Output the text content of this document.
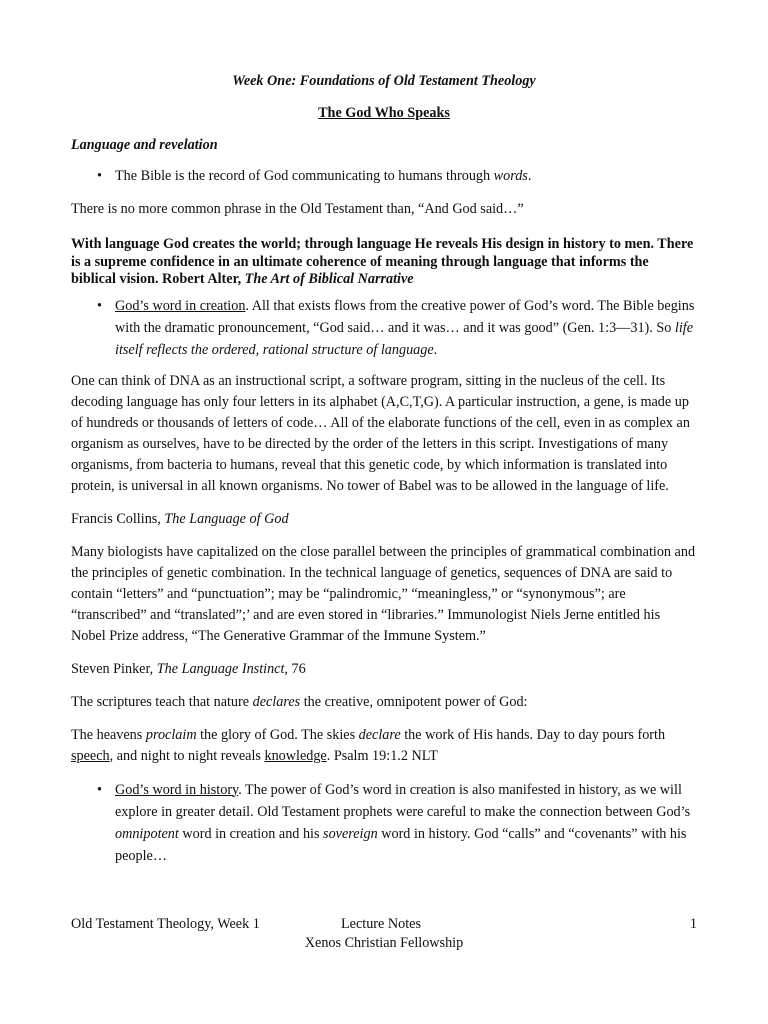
Week One: Foundations of Old Testament Theology

The God Who Speaks

Language and revelation

• The Bible is the record of God communicating to humans through words.

There is no more common phrase in the Old Testament than, “And God said…”

With language God creates the world; through language He reveals His design in history to men. There is a supreme confidence in an ultimate coherence of meaning through language that informs the biblical vision. Robert Alter, The Art of Biblical Narrative

• God’s word in creation. All that exists flows from the creative power of God’s word. The Bible begins with the dramatic pronouncement, “God said… and it was… and it was good” (Gen. 1:3—31). So life itself reflects the ordered, rational structure of language.

One can think of DNA as an instructional script, a software program, sitting in the nucleus of the cell. Its decoding language has only four letters in its alphabet (A,C,T,G). A particular instruction, a gene, is made up of hundreds or thousands of letters of code… All of the elaborate functions of the cell, even in as complex an organism as ourselves, have to be directed by the order of the letters in this script. Investigations of many organisms, from bacteria to humans, reveal that this genetic code, by which information is translated into protein, is universal in all known organisms. No tower of Babel was to be allowed in the language of life.

Francis Collins, The Language of God

Many biologists have capitalized on the close parallel between the principles of grammatical combination and the principles of genetic combination. In the technical language of genetics, sequences of DNA are said to contain “letters” and “punctuation”; may be “palindromic,” “meaningless,” or “synonymous”; are “transcribed” and “translated”;’ and are even stored in “libraries.” Immunologist Niels Jerne entitled his Nobel Prize address, “The Generative Grammar of the Immune System.”

Steven Pinker, The Language Instinct, 76

The scriptures teach that nature declares the creative, omnipotent power of God:

The heavens proclaim the glory of God. The skies declare the work of His hands. Day to day pours forth speech, and night to night reveals knowledge. Psalm 19:1.2 NLT

• God’s word in history. The power of God’s word in creation is also manifested in history, as we will explore in greater detail. Old Testament prophets were careful to make the connection between God’s omnipotent word in creation and his sovereign word in history. God “calls” and “covenants” with his people…
Old Testament Theology, Week 1	Lecture Notes	1
Xenos Christian Fellowship
